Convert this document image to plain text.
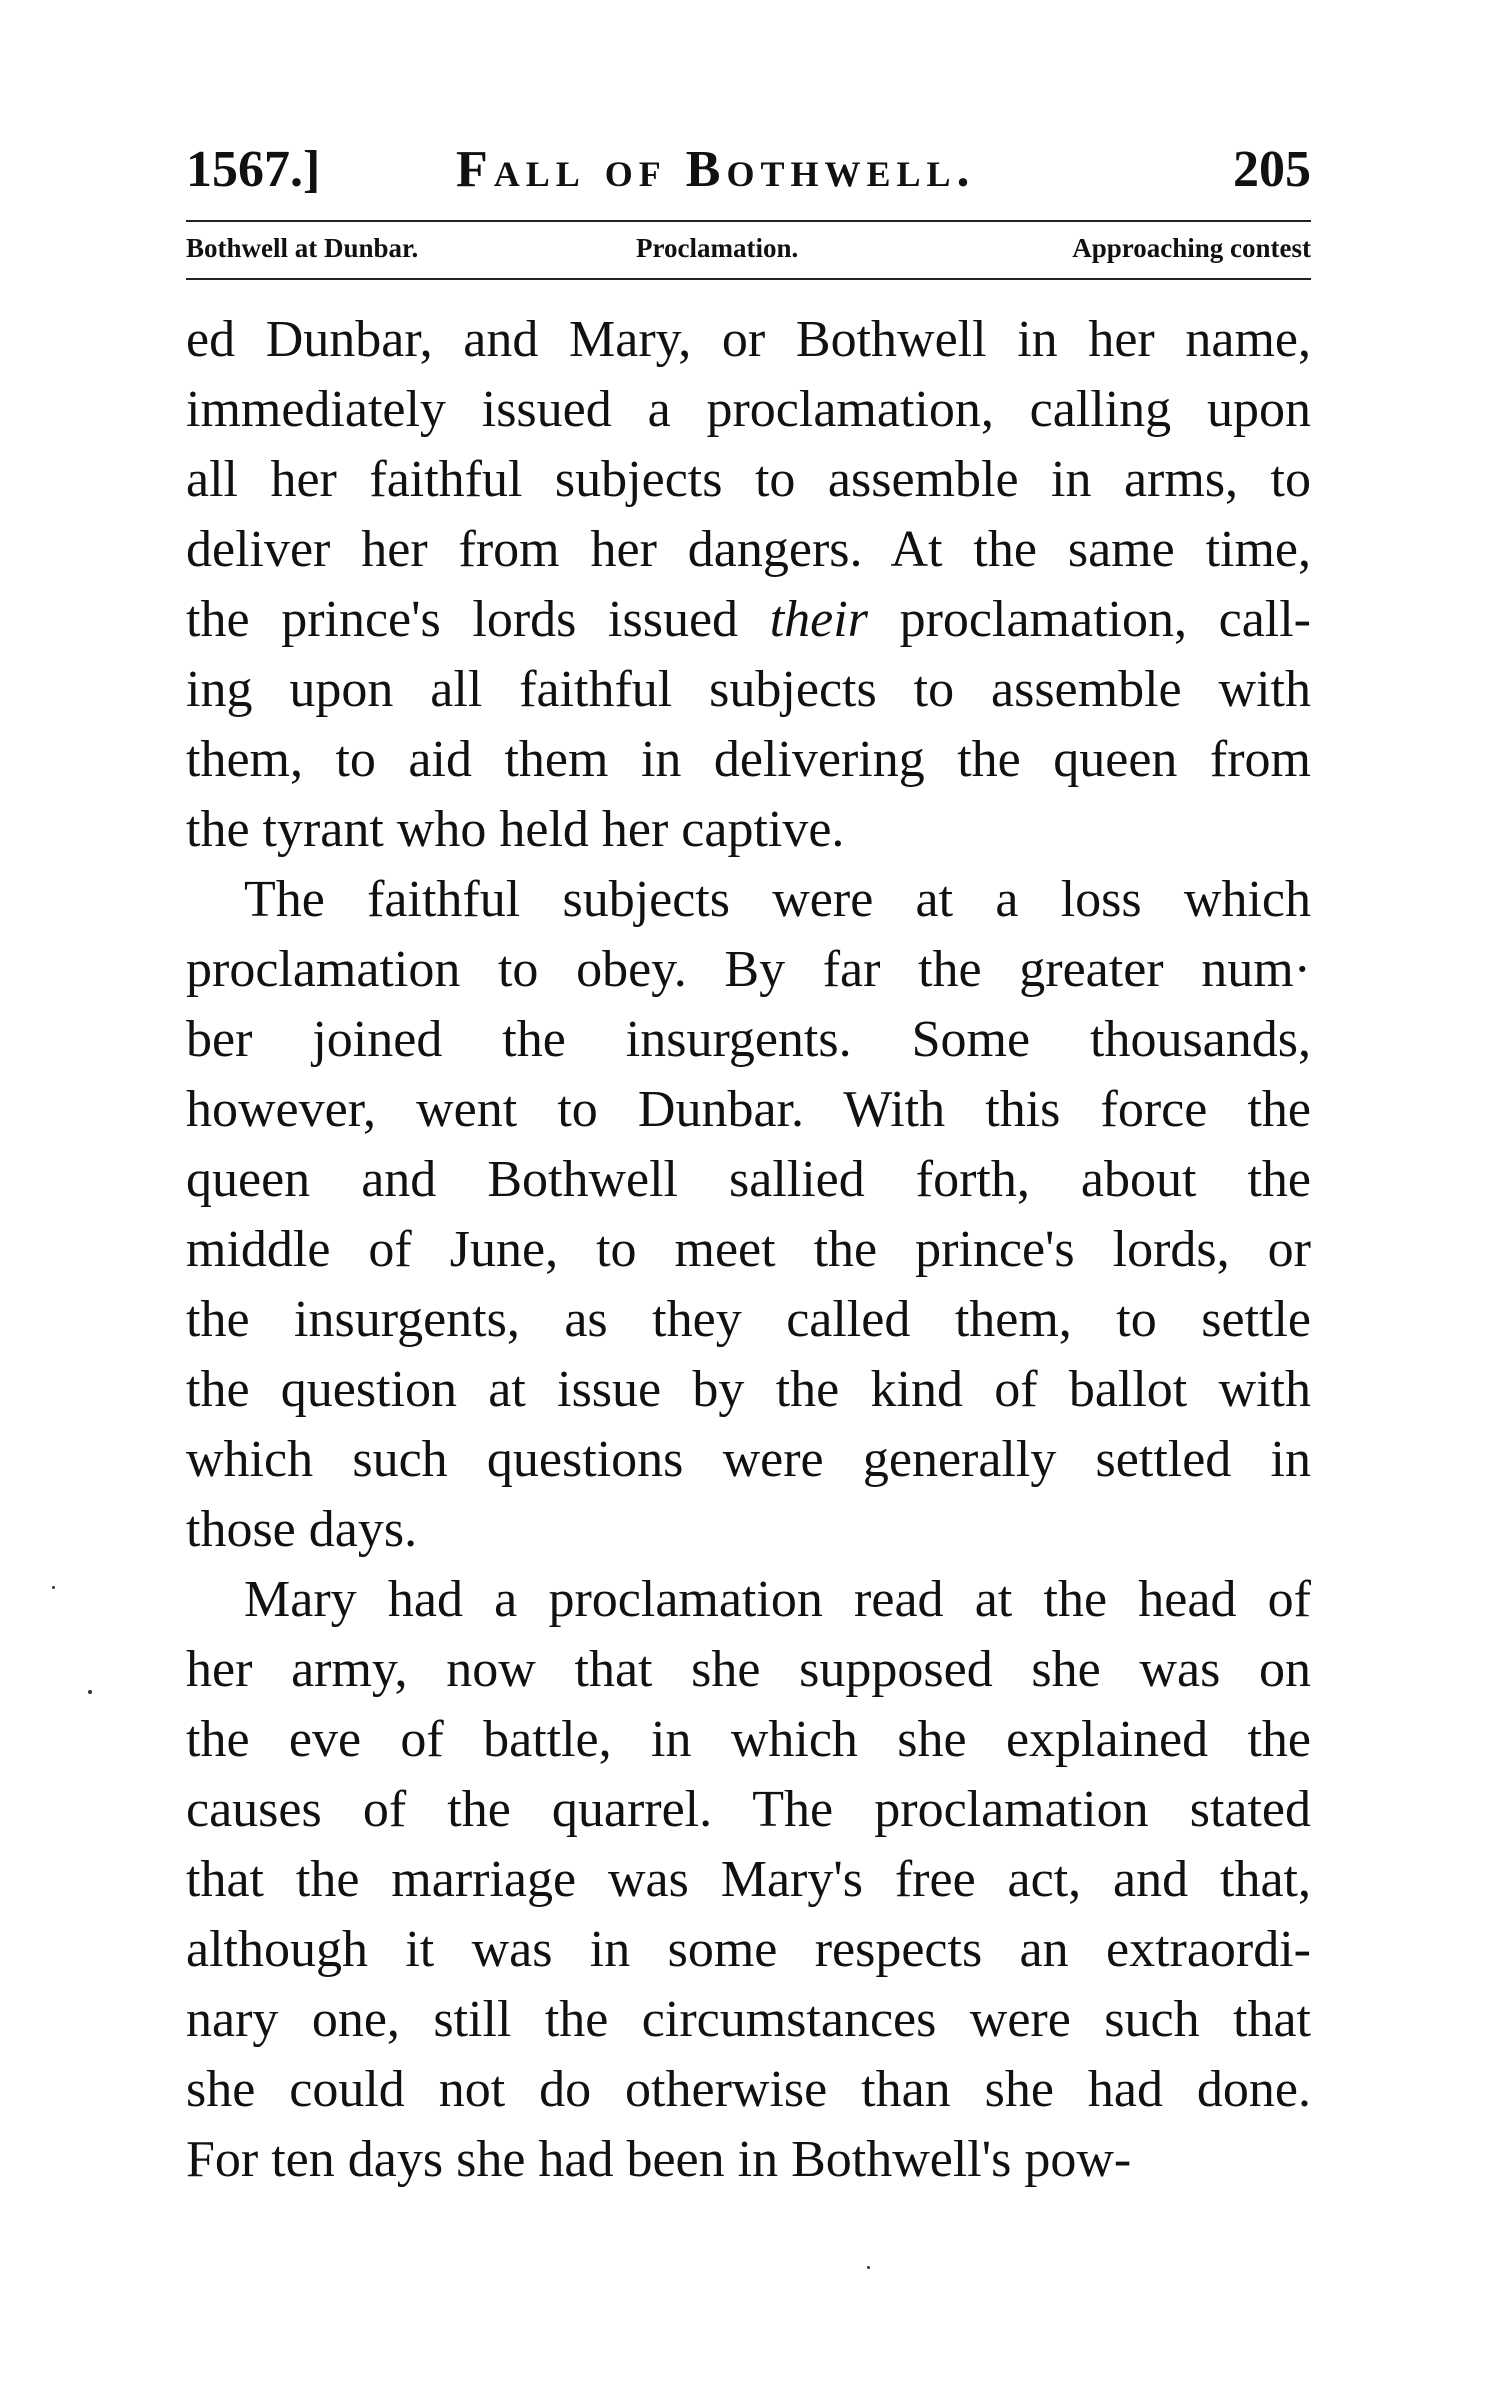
1567.]	Fall of Bothwell.	205
Bothwell at Dunbar.	Proclamation.	Approaching contest
ed Dunbar, and Mary, or Bothwell in her name,
immediately issued a proclamation, calling upon
all her faithful subjects to assemble in arms, to
deliver her from her dangers. At the same time,
the prince's lords issued their proclamation, call-
ing upon all faithful subjects to assemble with
them, to aid them in delivering the queen from
the tyrant who held her captive.
The faithful subjects were at a loss which
proclamation to obey. By far the greater num·
ber joined the insurgents. Some thousands,
however, went to Dunbar. With this force the
queen and Bothwell sallied forth, about the
middle of June, to meet the prince's lords, or
the insurgents, as they called them, to settle
the question at issue by the kind of ballot with
which such questions were generally settled in
those days.
Mary had a proclamation read at the head of
her army, now that she supposed she was on
the eve of battle, in which she explained the
causes of the quarrel. The proclamation stated
that the marriage was Mary's free act, and that,
although it was in some respects an extraordi-
nary one, still the circumstances were such that
she could not do otherwise than she had done.
For ten days she had been in Bothwell's pow-
